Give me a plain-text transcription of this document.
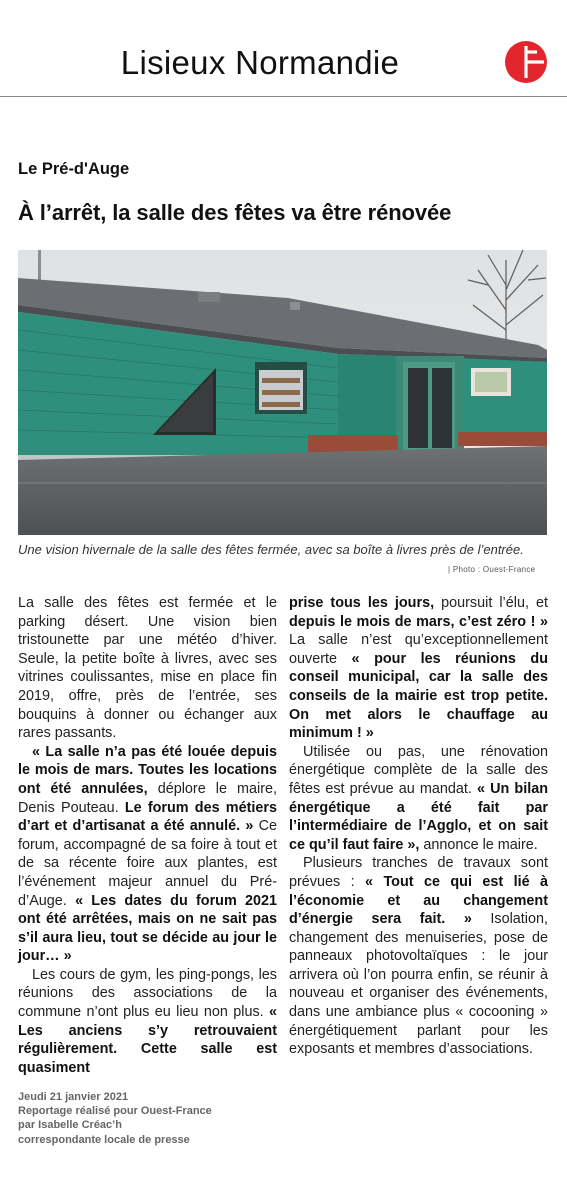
Lisieux Normandie
Le Pré-d'Auge
À l’arrêt, la salle des fêtes va être rénovée
Une vision hivernale de la salle des fêtes fermée, avec sa boîte à livres près de l’entrée.
| Photo : Ouest-France

La salle des fêtes est fermée et le parking désert. Une vision bien tristounette par une météo d’hiver. Seule, la petite boîte à livres, avec ses vitrines coulissantes, mise en place fin 2019, offre, près de l’entrée, ses bouquins à donner ou échanger aux rares passants.

« La salle n’a pas été louée depuis le mois de mars. Toutes les locations ont été annulées, déplore le maire, Denis Pouteau. Le forum des métiers d’art et d’artisanat a été annulé. » Ce forum, accompagné de sa foire à tout et de sa récente foire aux plantes, est l’événement majeur annuel du Pré-d’Auge. « Les dates du forum 2021 ont été arrêtées, mais on ne sait pas s’il aura lieu, tout se décide au jour le jour… »

Les cours de gym, les ping-pongs, les réunions des associations de la commune n’ont plus eu lieu non plus. « Les anciens s’y retrouvaient régulièrement. Cette salle est quasiment

prise tous les jours, poursuit l’élu, et depuis le mois de mars, c’est zéro ! » La salle n’est qu’exceptionnellement ouverte « pour les réunions du conseil municipal, car la salle des conseils de la mairie est trop petite. On met alors le chauffage au minimum ! »

Utilisée ou pas, une rénovation énergétique complète de la salle des fêtes est prévue au mandat. « Un bilan énergétique a été fait par l’intermédiaire de l’Agglo, et on sait ce qu’il faut faire », annonce le maire.

Plusieurs tranches de travaux sont prévues : « Tout ce qui est lié à l’économie et au changement d’énergie sera fait. » Isolation, changement des menuiseries, pose de panneaux photovoltaïques : le jour arrivera où l’on pourra enfin, se réunir à nouveau et organiser des événements, dans une ambiance plus « cocooning » énergétiquement parlant pour les exposants et membres d’associations.

Jeudi 21 janvier 2021
Reportage réalisé pour Ouest-France
par Isabelle Créac’h
correspondante locale de presse
